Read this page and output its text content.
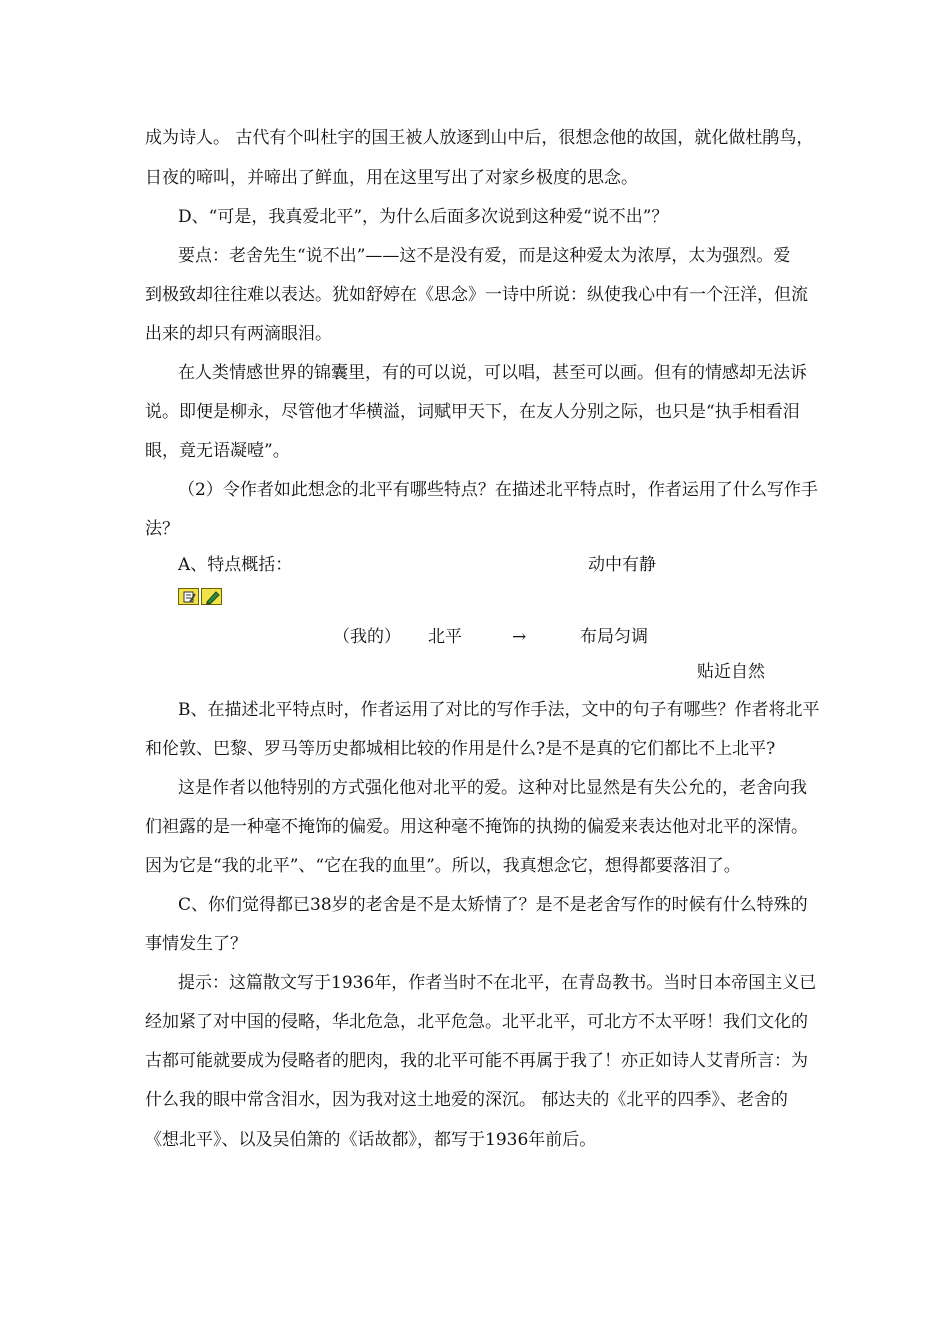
成为诗人。 古代有个叫杜宇的国王被人放逐到山中后，很想念他的故国，就化做杜鹃鸟，
日夜的啼叫，并啼出了鲜血，用在这里写出了对家乡极度的思念。
D、“可是，我真爱北平”，为什么后面多次说到这种爱“说不出”？
要点：老舍先生“说不出”——这不是没有爱，而是这种爱太为浓厚，太为强烈。爱
到极致却往往难以表达。犹如舒婷在《思念》一诗中所说：纵使我心中有一个汪洋，但流
出来的却只有两滴眼泪。
在人类情感世界的锦囊里，有的可以说，可以唱，甚至可以画。但有的情感却无法诉
说。即便是柳永，尽管他才华横溢，词赋甲天下，在友人分别之际，也只是“执手相看泪
眼，竟无语凝噎”。
（2）令作者如此想念的北平有哪些特点？在描述北平特点时，作者运用了什么写作手
法？
A、特点概括：	动中有静
（我的） 北平	→	布局匀调
贴近自然
B、在描述北平特点时，作者运用了对比的写作手法，文中的句子有哪些？作者将北平
和伦敦、巴黎、罗马等历史都城相比较的作用是什么?是不是真的它们都比不上北平?
这是作者以他特别的方式强化他对北平的爱。这种对比显然是有失公允的，老舍向我
们袒露的是一种毫不掩饰的偏爱。用这种毫不掩饰的执拗的偏爱来表达他对北平的深情。
因为它是“我的北平”、“它在我的血里”。所以，我真想念它，想得都要落泪了。
C、你们觉得都已38岁的老舍是不是太矫情了？是不是老舍写作的时候有什么特殊的
事情发生了？
提示：这篇散文写于1936年，作者当时不在北平，在青岛教书。当时日本帝国主义已
经加紧了对中国的侵略，华北危急，北平危急。北平北平，可北方不太平呀！我们文化的
古都可能就要成为侵略者的肥肉，我的北平可能不再属于我了！亦正如诗人艾青所言：为
什么我的眼中常含泪水，因为我对这土地爱的深沉。 郁达夫的《北平的四季》、老舍的
《想北平》、以及吴伯箫的《话故都》，都写于1936年前后。
